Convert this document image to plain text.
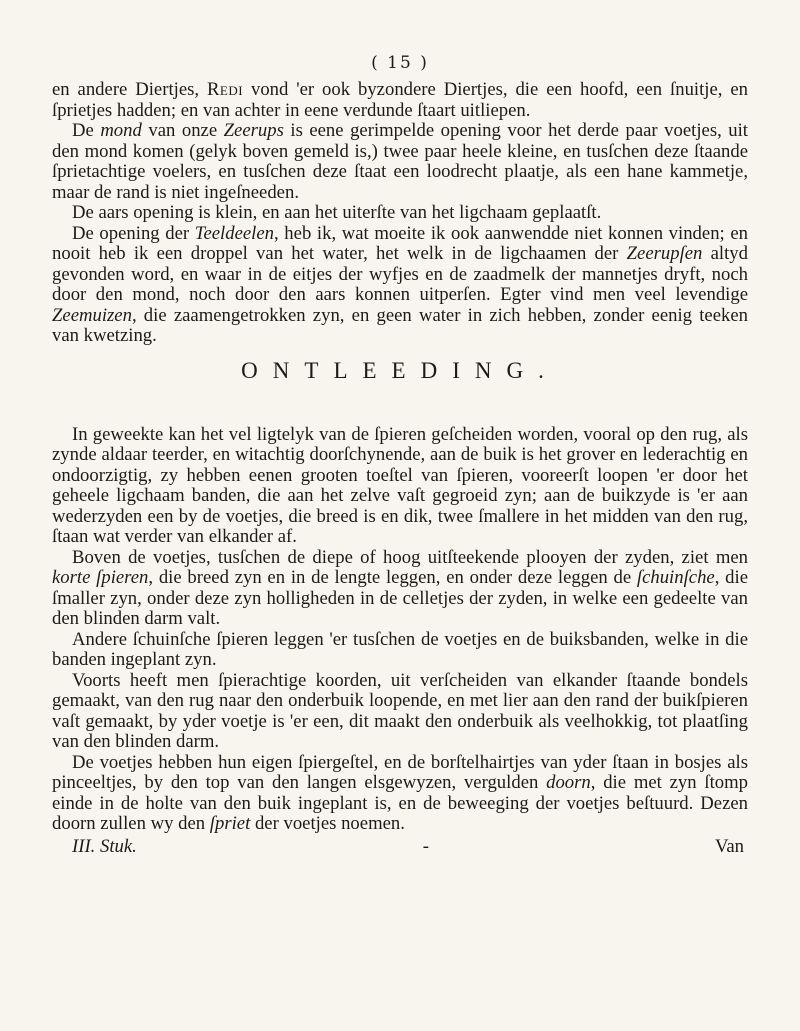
( 15 )

en andere Diertjes, Redi vond 'er ook byzondere Diertjes, die een hoofd, een ſnuitje, en ſprietjes hadden; en van achter in eene verdunde ſtaart uitliepen.

De mond van onze Zeerups is eene gerimpelde opening voor het derde paar voetjes, uit den mond komen (gelyk boven gemeld is,) twee paar heele kleine, en tusſchen deze ſtaande ſprietachtige voelers, en tusſchen deze ſtaat een loodrecht plaatje, als een hane kammetje, maar de rand is niet ingeſneeden.

De aars opening is klein, en aan het uiterſte van het ligchaam geplaatſt.

De opening der Teeldeelen, heb ik, wat moeite ik ook aanwendde niet konnen vinden; en nooit heb ik een droppel van het water, het welk in de ligchaamen der Zeerupſen altyd gevonden word, en waar in de eitjes der wyfjes en de zaadmelk der mannetjes dryft, noch door den mond, noch door den aars konnen uitperſen. Egter vind men veel levendige Zeemuizen, die zaamengetrokken zyn, en geen water in zich hebben, zonder eenig teeken van kwetzing.

ONTLEEDING.

In geweekte kan het vel ligtelyk van de ſpieren geſcheiden worden, vooral op den rug, als zynde aldaar teerder, en witachtig doorſchynende, aan de buik is het grover en lederachtig en ondoorzigtig, zy hebben eenen grooten toeſtel van ſpieren, vooreerſt loopen 'er door het geheele ligchaam banden, die aan het zelve vaſt gegroeid zyn; aan de buikzyde is 'er aan wederzyden een by de voetjes, die breed is en dik, twee ſmallere in het midden van den rug, ſtaan wat verder van elkander af.

Boven de voetjes, tusſchen de diepe of hoog uitſteekende plooyen der zyden, ziet men korte ſpieren, die breed zyn en in de lengte leggen, en onder deze leggen de ſchuinſche, die ſmaller zyn, onder deze zyn holligheden in de celletjes der zyden, in welke een gedeelte van den blinden darm valt.

Andere ſchuinſche ſpieren leggen 'er tusſchen de voetjes en de buiksbanden, welke in die banden ingeplant zyn.

Voorts heeft men ſpierachtige koorden, uit verſcheiden van elkander ſtaande bondels gemaakt, van den rug naar den onderbuik loopende, en met lier aan den rand der buikſpieren vaſt gemaakt, by yder voetje is 'er een, dit maakt den onderbuik als veelhokkig, tot plaatſing van den blinden darm.

De voetjes hebben hun eigen ſpiergeſtel, en de borſtelhairtjes van yder ſtaan in bosjes als pinceeltjes, by den top van den langen elsgewyzen, vergulden doorn, die met zyn ſtomp einde in de holte van den buik ingeplant is, en de beweeging der voetjes beſtuurd. Dezen doorn zullen wy den ſpriet der voetjes noemen.

III. Stuk.	-	Van
